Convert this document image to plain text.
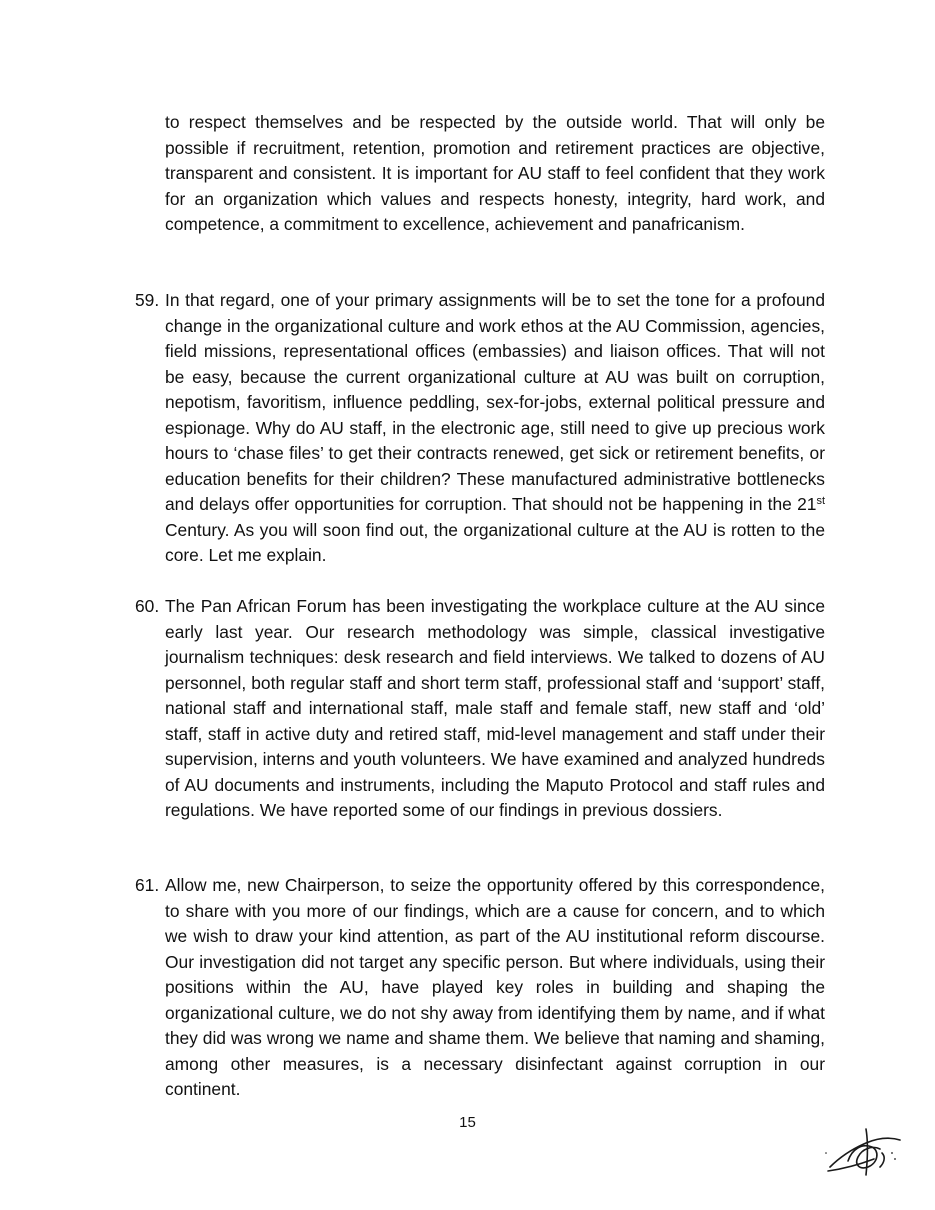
to respect themselves and be respected by the outside world. That will only be possible if recruitment, retention, promotion and retirement practices are objective, transparent and consistent. It is important for AU staff to feel confident that they work for an organization which values and respects honesty, integrity, hard work, and competence, a commitment to excellence, achievement and panafricanism.

59. In that regard, one of your primary assignments will be to set the tone for a profound change in the organizational culture and work ethos at the AU Commission, agencies, field missions, representational offices (embassies) and liaison offices. That will not be easy, because the current organizational culture at AU was built on corruption, nepotism, favoritism, influence peddling, sex-for-jobs, external political pressure and espionage. Why do AU staff, in the electronic age, still need to give up precious work hours to ‘chase files’ to get their contracts renewed, get sick or retirement benefits, or education benefits for their children? These manufactured administrative bottlenecks and delays offer opportunities for corruption. That should not be happening in the 21st Century. As you will soon find out, the organizational culture at the AU is rotten to the core. Let me explain.

60. The Pan African Forum has been investigating the workplace culture at the AU since early last year. Our research methodology was simple, classical investigative journalism techniques: desk research and field interviews. We talked to dozens of AU personnel, both regular staff and short term staff, professional staff and ‘support’ staff, national staff and international staff, male staff and female staff, new staff and ‘old’ staff, staff in active duty and retired staff, mid-level management and staff under their supervision, interns and youth volunteers. We have examined and analyzed hundreds of AU documents and instruments, including the Maputo Protocol and staff rules and regulations. We have reported some of our findings in previous dossiers.

61. Allow me, new Chairperson, to seize the opportunity offered by this correspondence, to share with you more of our findings, which are a cause for concern, and to which we wish to draw your kind attention, as part of the AU institutional reform discourse. Our investigation did not target any specific person. But where individuals, using their positions within the AU, have played key roles in building and shaping the organizational culture, we do not shy away from identifying them by name, and if what they did was wrong we name and shame them. We believe that naming and shaming, among other measures, is a necessary disinfectant against corruption in our continent.

15
